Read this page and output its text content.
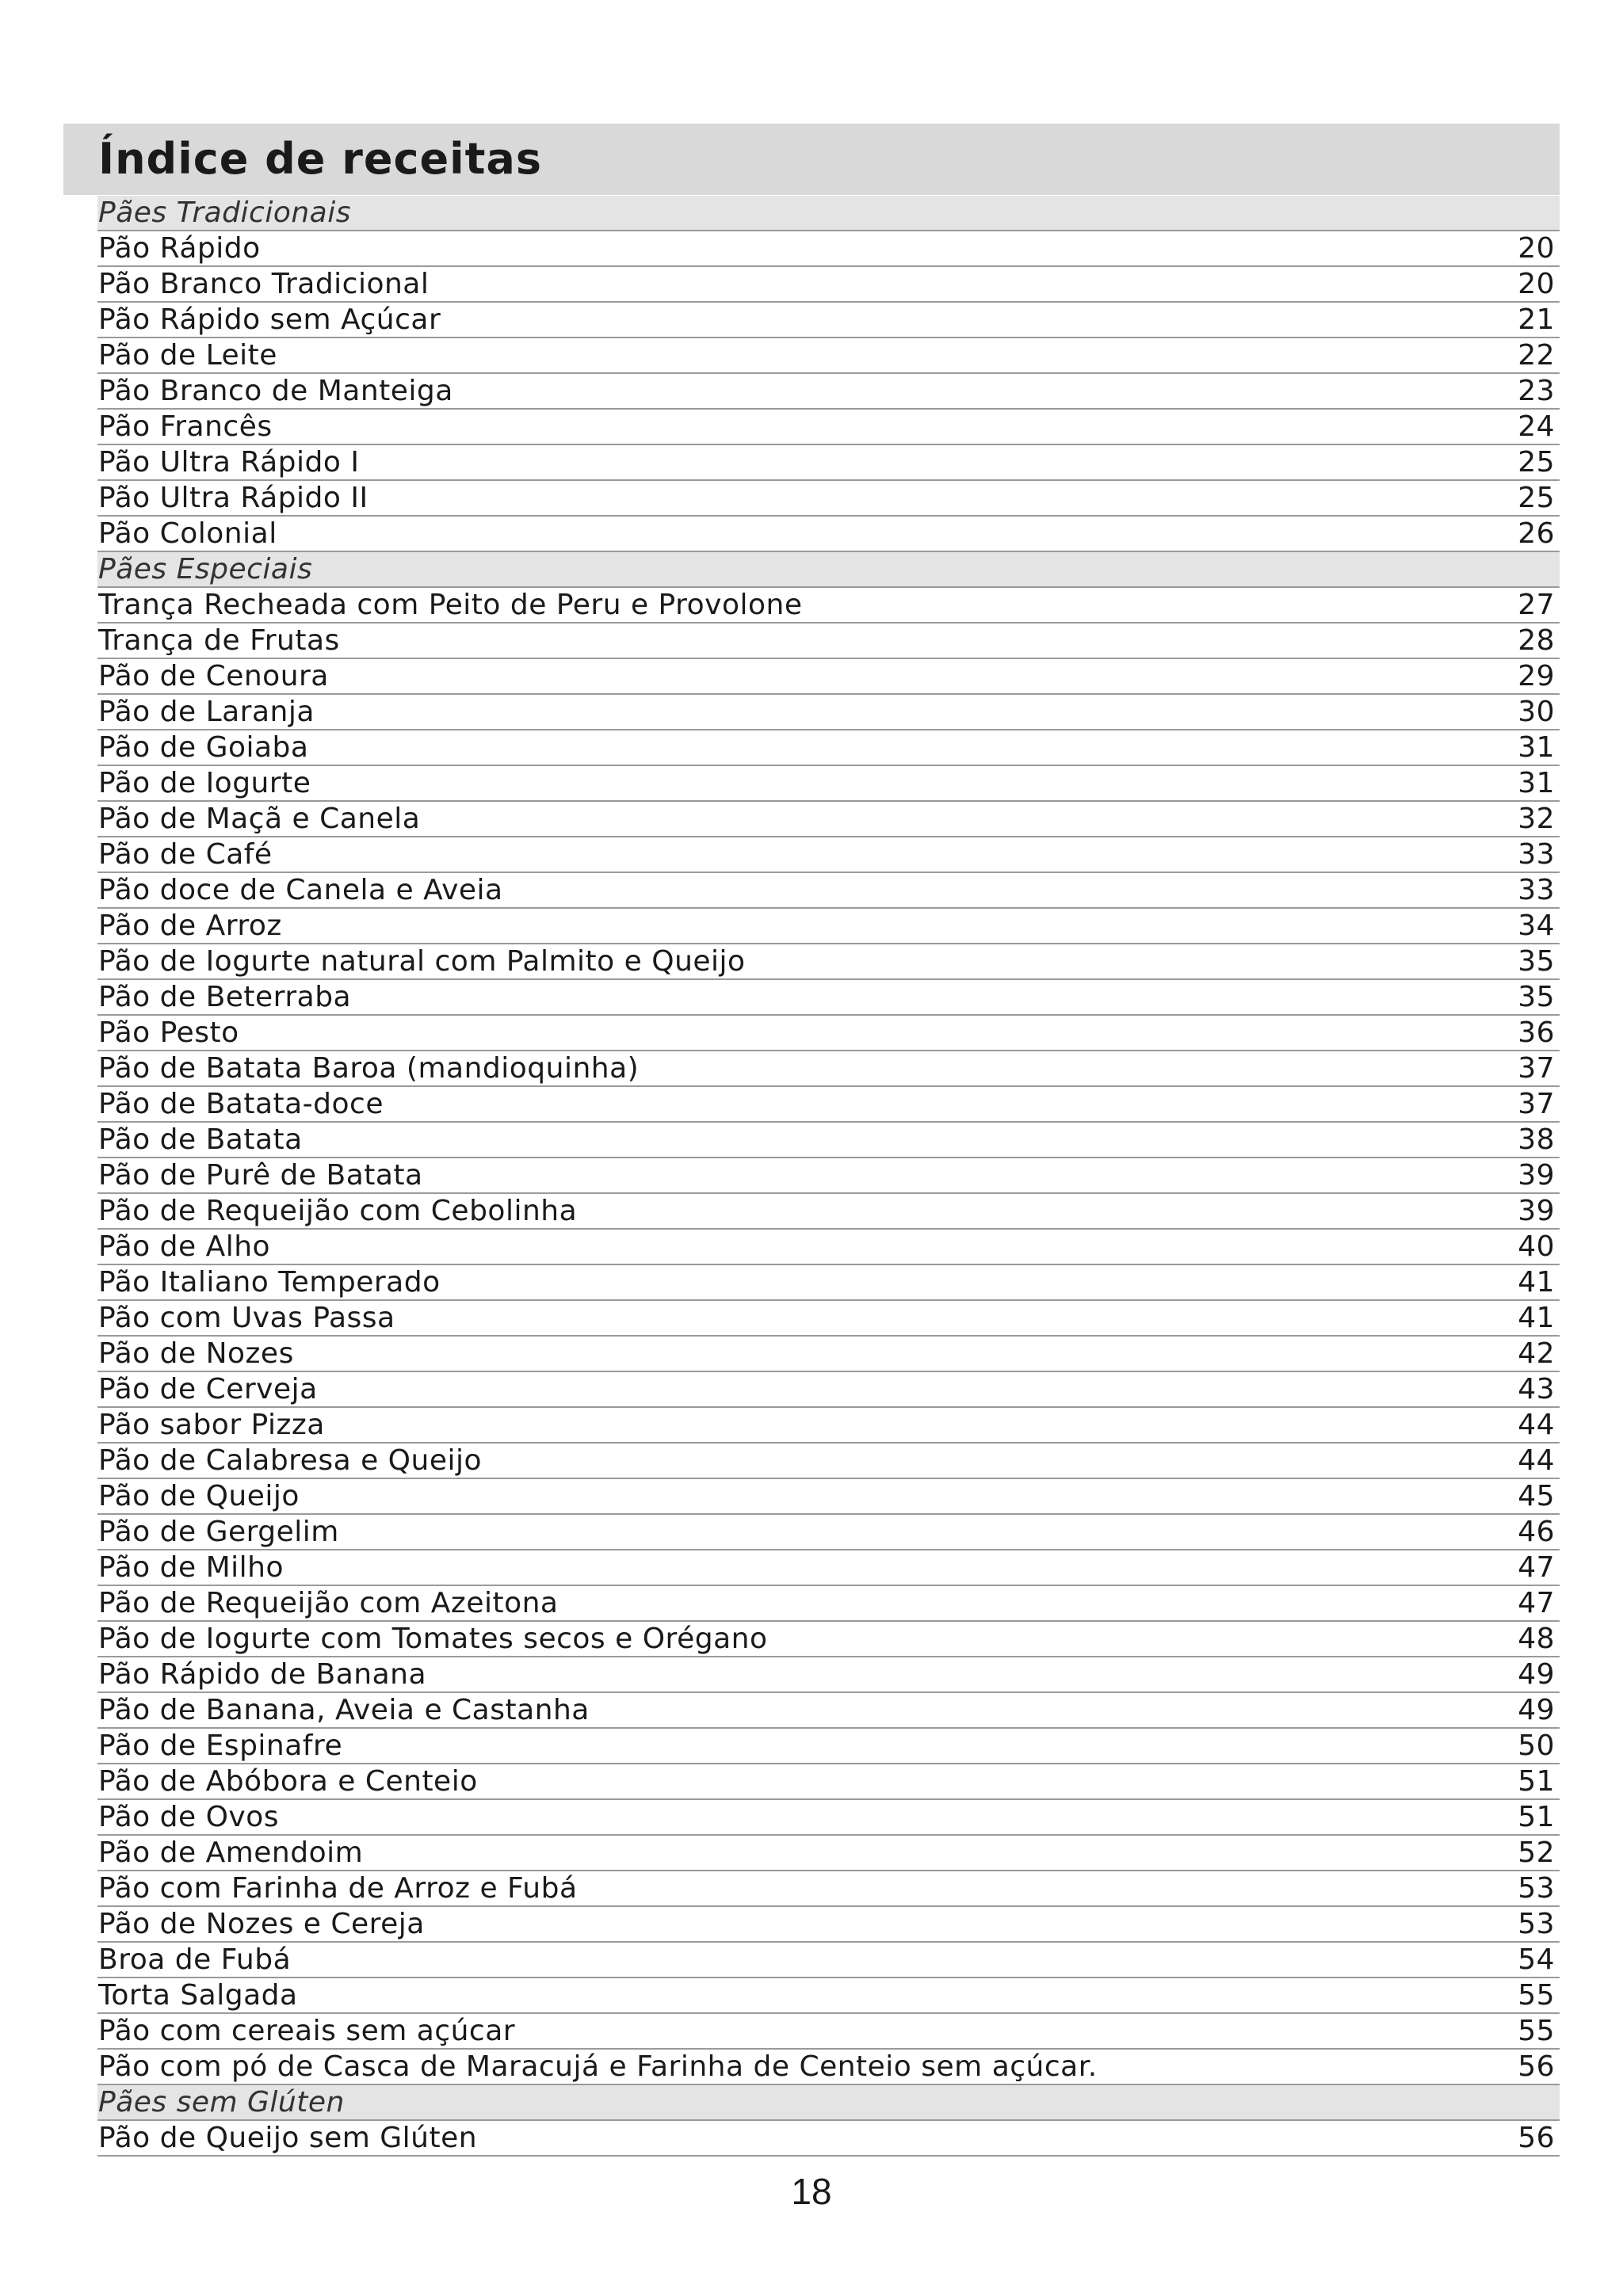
Índice de receitas
Pães Tradicionais
Pão Rápido	20
Pão Branco Tradicional	20
Pão Rápido sem Açúcar	21
Pão de Leite	22
Pão Branco de Manteiga	23
Pão Francês	24
Pão Ultra Rápido I	25
Pão Ultra Rápido II	25
Pão Colonial	26
Pães Especiais
Trança Recheada com Peito de Peru e Provolone	27
Trança de Frutas	28
Pão de Cenoura	29
Pão de Laranja	30
Pão de Goiaba	31
Pão de Iogurte	31
Pão de Maçã e Canela	32
Pão de Café	33
Pão doce de Canela e Aveia	33
Pão de Arroz	34
Pão de Iogurte natural com Palmito e Queijo	35
Pão de Beterraba	35
Pão Pesto	36
Pão de Batata Baroa (mandioquinha)	37
Pão de Batata-doce	37
Pão de Batata	38
Pão de Purê de Batata	39
Pão de Requeijão com Cebolinha	39
Pão de Alho	40
Pão Italiano Temperado	41
Pão com Uvas Passa	41
Pão de Nozes	42
Pão de Cerveja	43
Pão sabor Pizza	44
Pão de Calabresa e Queijo	44
Pão de Queijo	45
Pão de Gergelim	46
Pão de Milho	47
Pão de Requeijão com Azeitona	47
Pão de Iogurte com Tomates secos e Orégano	48
Pão Rápido de Banana	49
Pão de Banana, Aveia e Castanha	49
Pão de Espinafre	50
Pão de Abóbora e Centeio	51
Pão de Ovos	51
Pão de Amendoim	52
Pão com Farinha de Arroz e Fubá	53
Pão de Nozes e Cereja	53
Broa de Fubá	54
Torta Salgada	55
Pão com cereais sem açúcar	55
Pão com pó de Casca de Maracujá e Farinha de Centeio sem açúcar.	56
Pães sem Glúten
Pão de Queijo sem Glúten	56
18
